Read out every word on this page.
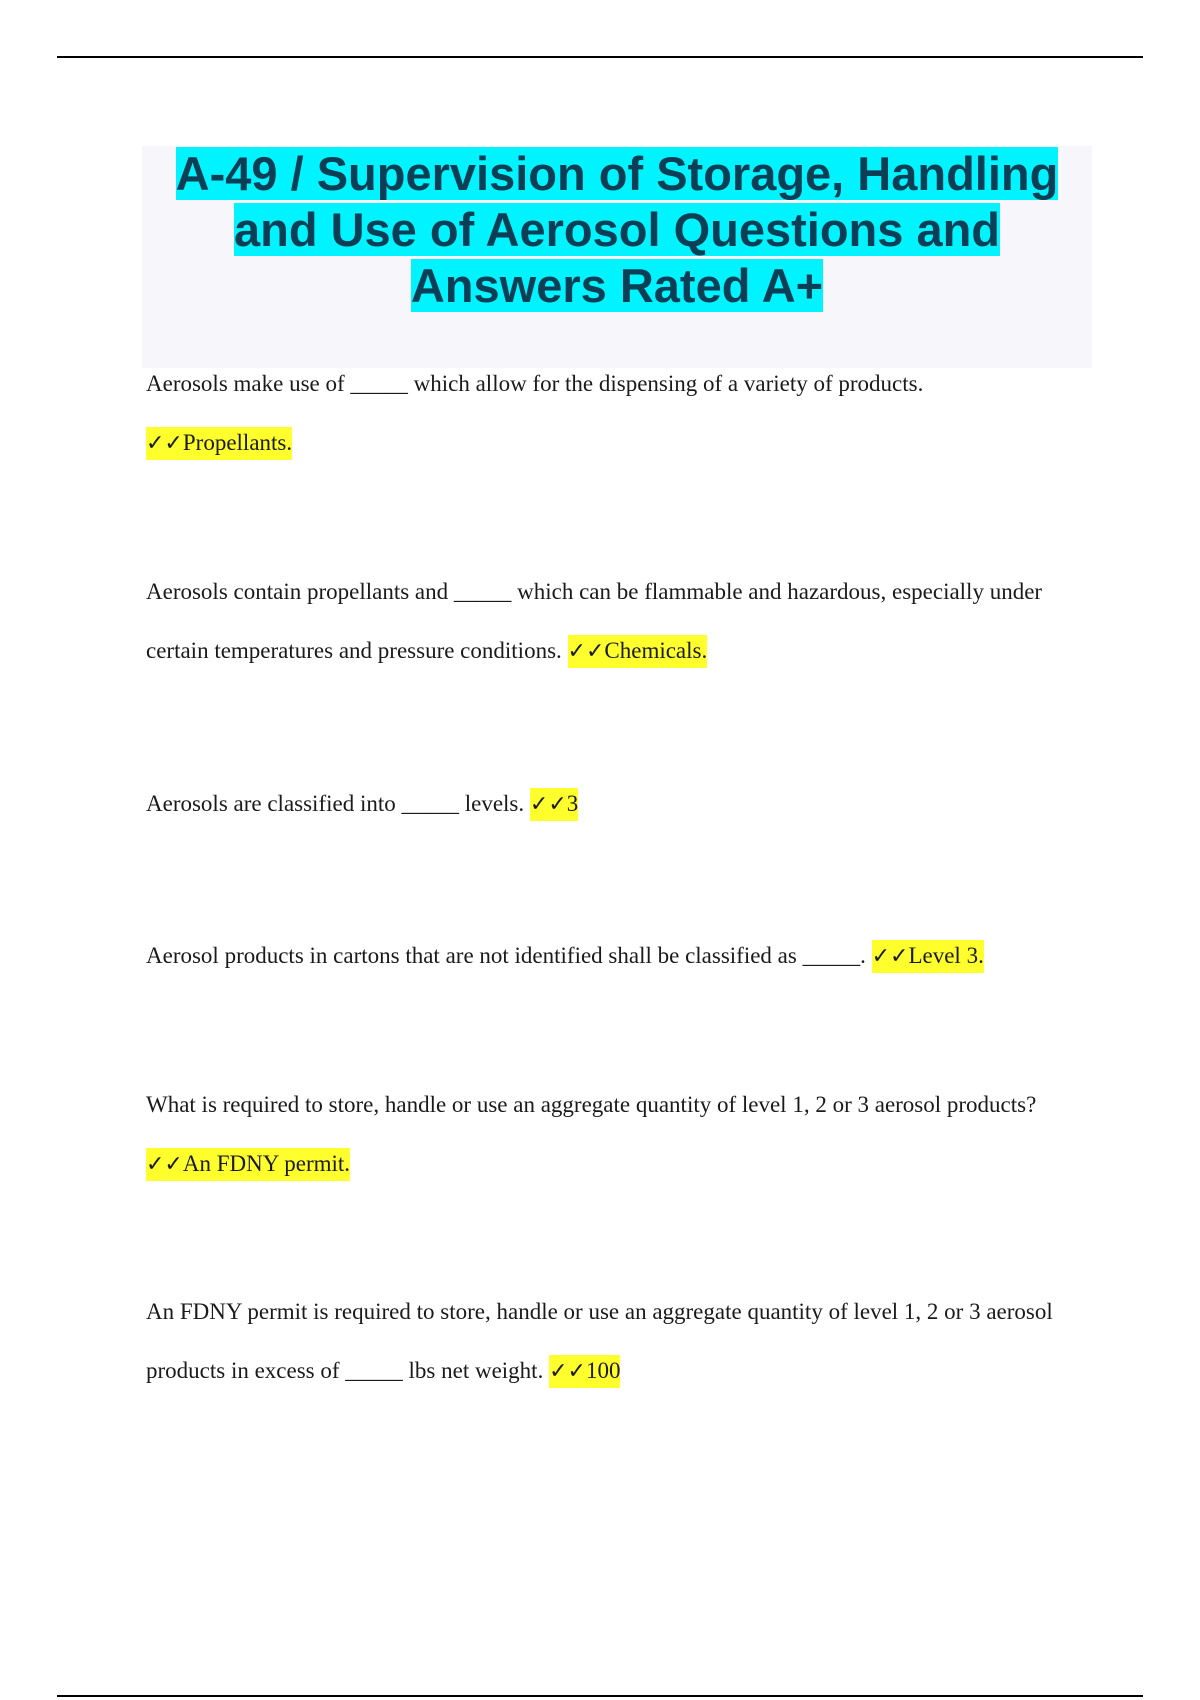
A-49 / Supervision of Storage, Handling and Use of Aerosol Questions and Answers Rated A+
Aerosols make use of _____ which allow for the dispensing of a variety of products.
✓✓Propellants.
Aerosols contain propellants and _____ which can be flammable and hazardous, especially under certain temperatures and pressure conditions. ✓✓Chemicals.
Aerosols are classified into _____ levels. ✓✓3
Aerosol products in cartons that are not identified shall be classified as _____. ✓✓Level 3.
What is required to store, handle or use an aggregate quantity of level 1, 2 or 3 aerosol products?
✓✓An FDNY permit.
An FDNY permit is required to store, handle or use an aggregate quantity of level 1, 2 or 3 aerosol products in excess of _____ lbs net weight. ✓✓100
